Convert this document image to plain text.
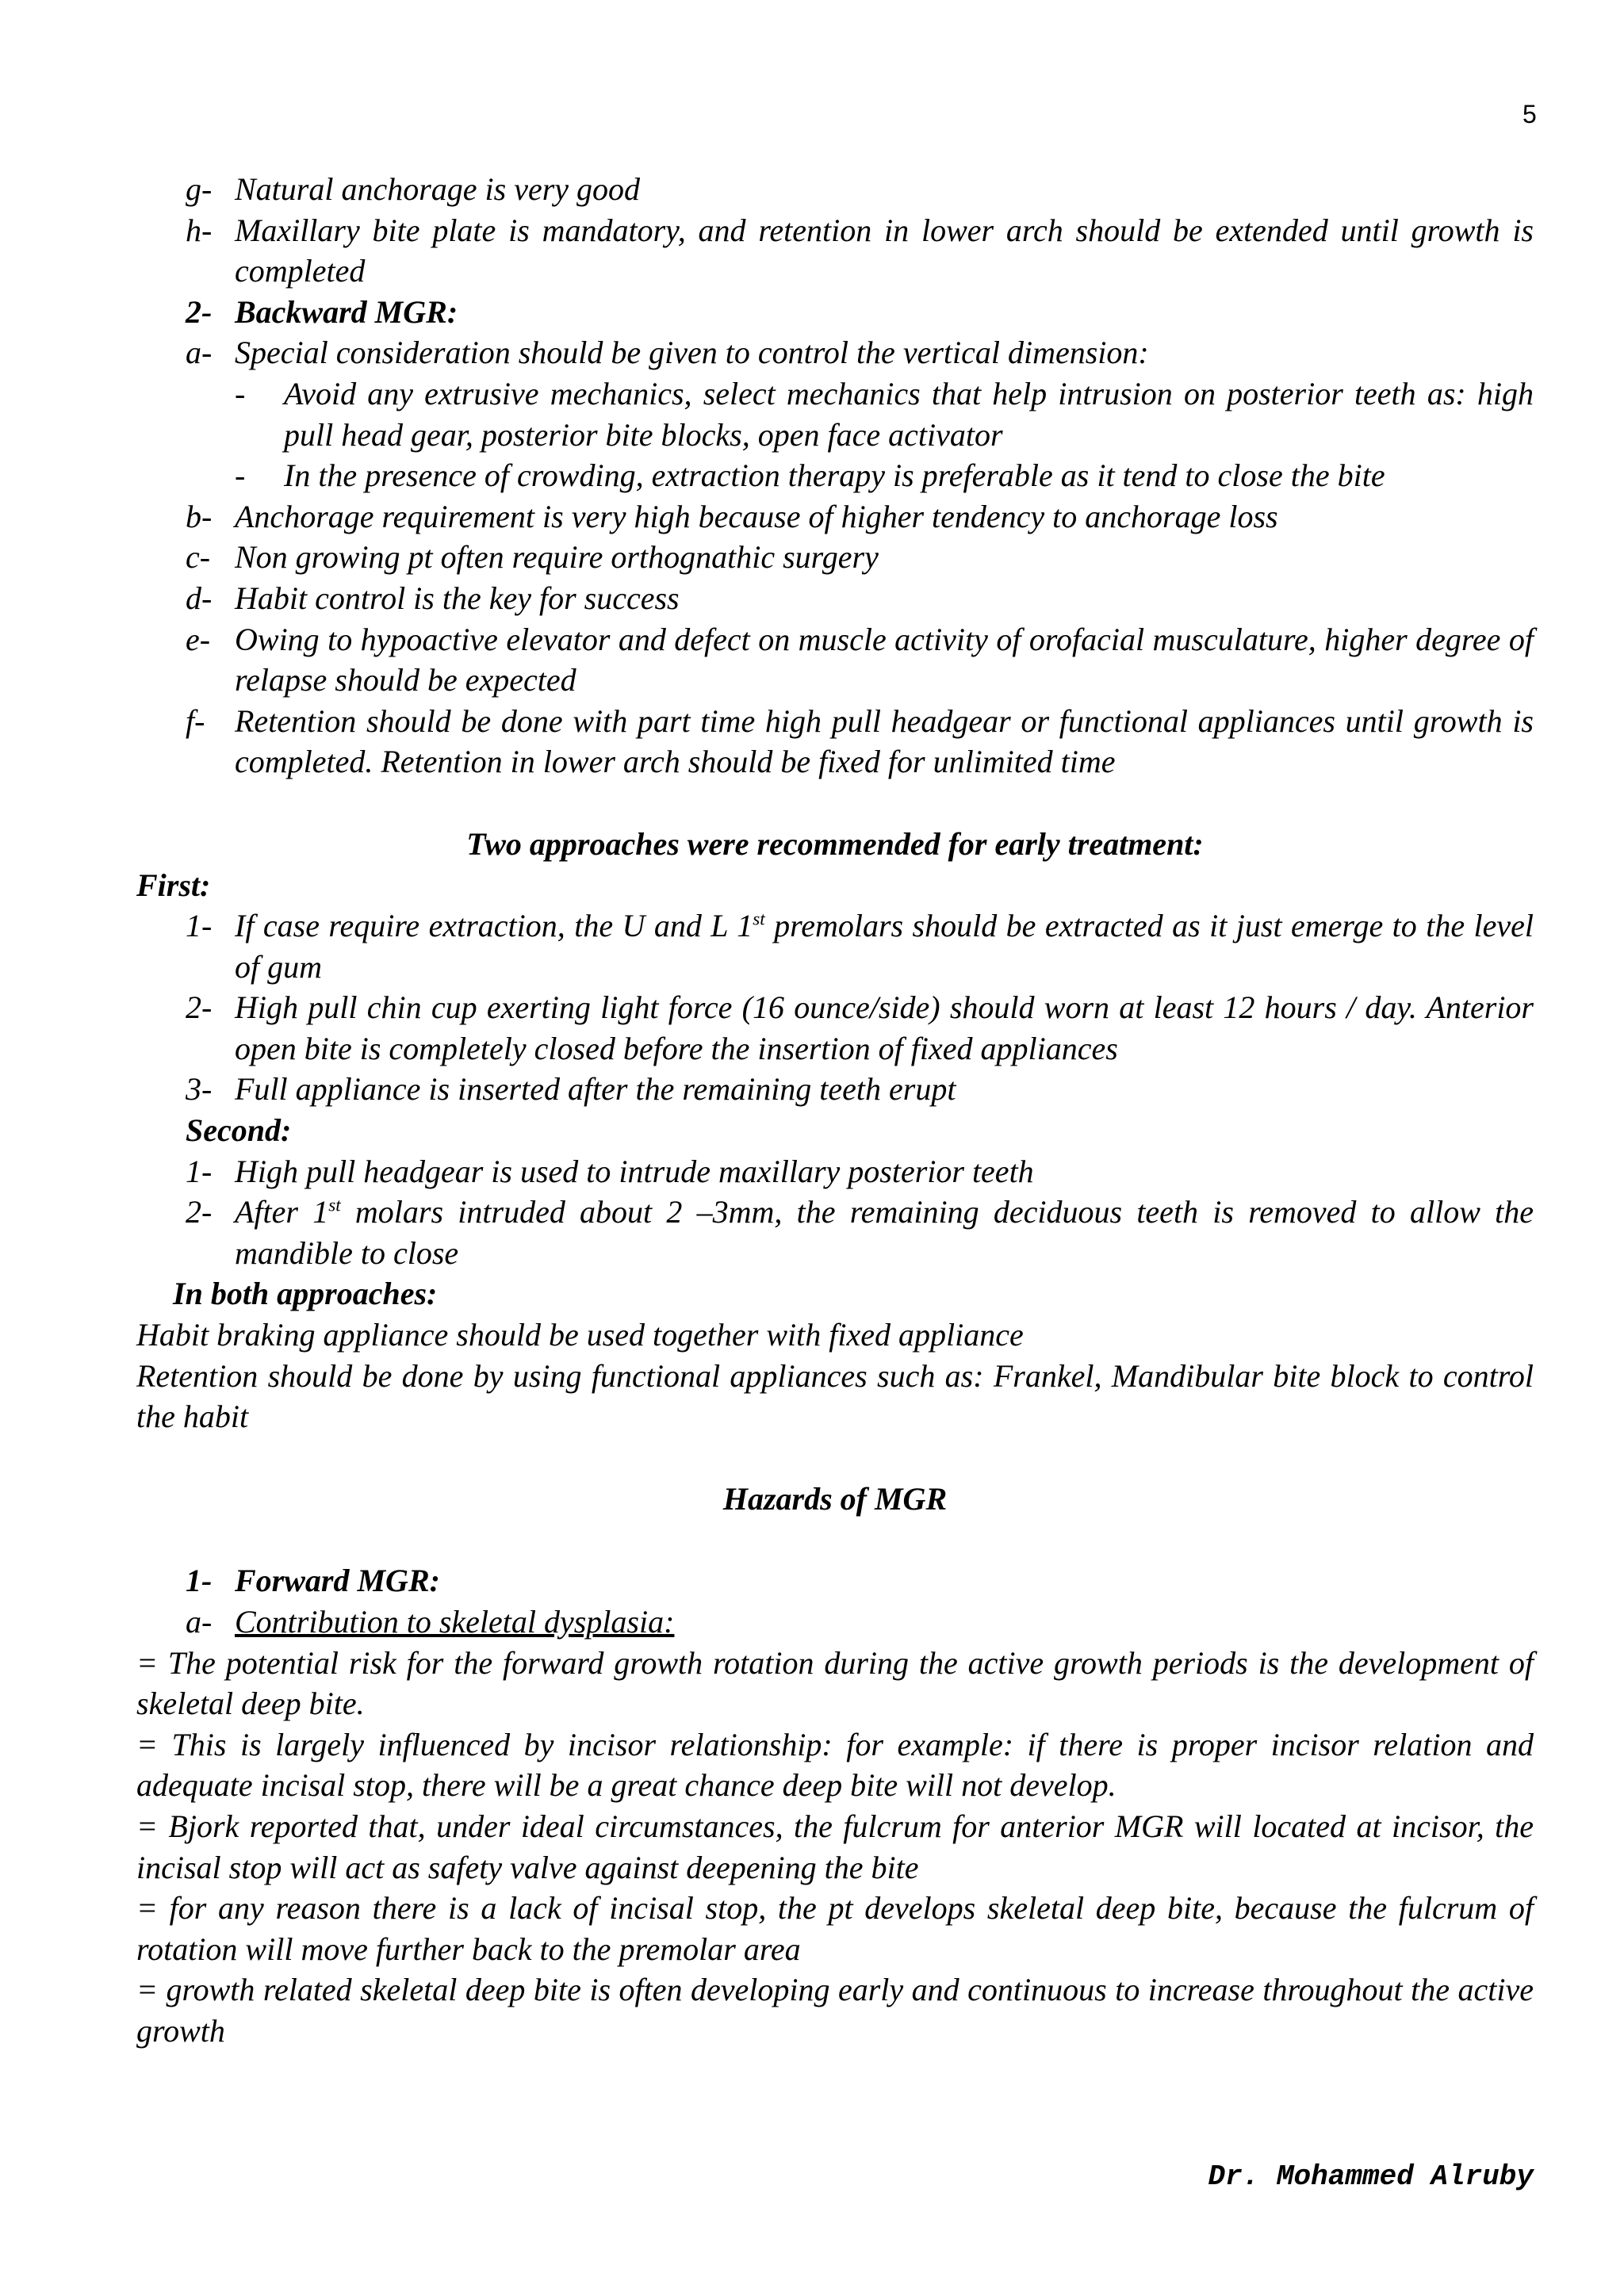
5
g- Natural anchorage is very good
h- Maxillary bite plate is mandatory, and retention in lower arch should be extended until growth is completed
2- Backward MGR:
a- Special consideration should be given to control the vertical dimension:
-	Avoid any extrusive mechanics, select mechanics that help intrusion on posterior teeth as: high pull head gear, posterior bite blocks, open face activator
-	In the presence of crowding, extraction therapy is preferable as it tend to close the bite
b- Anchorage requirement is very high because of higher tendency to anchorage loss
c- Non growing pt often require orthognathic surgery
d- Habit control is the key for success
e- Owing to hypoactive elevator and defect on muscle activity of orofacial musculature, higher degree of relapse should be expected
f- Retention should be done with part time high pull headgear or functional appliances until growth is completed. Retention in lower arch should be fixed for unlimited time
Two approaches were recommended for early treatment:
First:
1- If case require extraction, the U and L 1st premolars should be extracted as it just emerge to the level of gum
2- High pull chin cup exerting light force (16 ounce/side) should worn at least 12 hours / day. Anterior open bite is completely closed before the insertion of fixed appliances
3- Full appliance is inserted after the remaining teeth erupt
Second:
1- High pull headgear is used to intrude maxillary posterior teeth
2- After 1st molars intruded about 2 –3mm, the remaining deciduous teeth is removed to allow the mandible to close
In both approaches:
Habit braking appliance should be used together with fixed appliance
Retention should be done by using functional appliances such as: Frankel, Mandibular bite block to control the habit
Hazards of MGR
1- Forward MGR:
a- Contribution to skeletal dysplasia:
= The potential risk for the forward growth rotation during the active growth periods is the development of skeletal deep bite.
= This is largely influenced by incisor relationship: for example: if there is proper incisor relation and adequate incisal stop, there will be a great chance deep bite will not develop.
= Bjork reported that, under ideal circumstances, the fulcrum for anterior MGR will located at incisor, the incisal stop will act as safety valve against deepening the bite
= for any reason there is a lack of incisal stop, the pt develops skeletal deep bite, because the fulcrum of rotation will move further back to the premolar area
= growth related skeletal deep bite is often developing early and continuous to increase throughout the active growth
Dr. Mohammed Alruby
